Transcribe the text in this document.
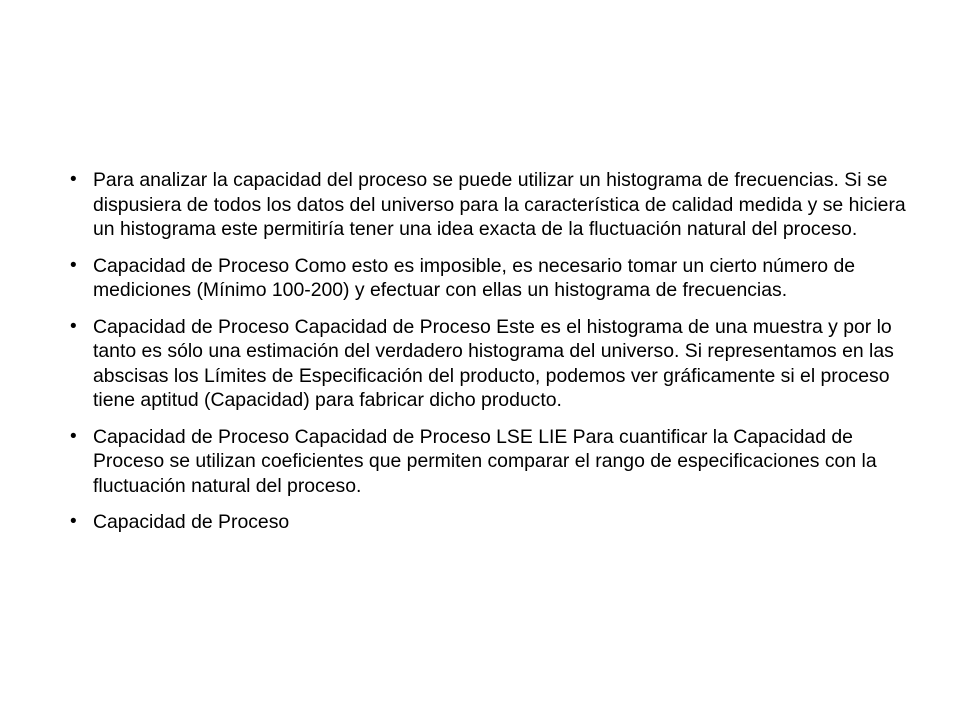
• Para analizar la capacidad del proceso se puede utilizar un histograma de frecuencias. Si se dispusiera de todos los datos del universo para la característica de calidad medida y se hiciera un histograma este permitiría tener una idea exacta de la fluctuación natural del proceso.
• Capacidad de Proceso Como esto es imposible, es necesario tomar un cierto número de mediciones (Mínimo 100-200) y efectuar con ellas un histograma de frecuencias.
• Capacidad de Proceso Capacidad de Proceso Este es el histograma de una muestra y por lo tanto es sólo una estimación del verdadero histograma del universo. Si representamos en las abscisas los Límites de Especificación del producto, podemos ver gráficamente si el proceso tiene aptitud (Capacidad) para fabricar dicho producto.
• Capacidad de Proceso Capacidad de Proceso LSE LIE Para cuantificar la Capacidad de Proceso se utilizan coeficientes que permiten comparar el rango de especificaciones con la fluctuación natural del proceso.
• Capacidad de Proceso
